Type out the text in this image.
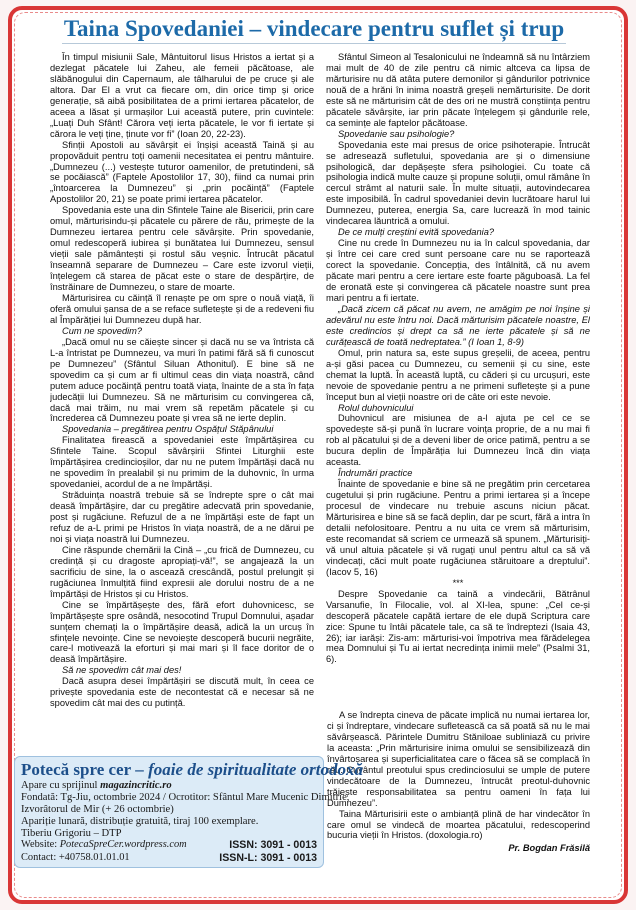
Taina Spovedaniei – vindecare pentru suflet și trup

În timpul misiunii Sale, Mântuitorul Iisus Hristos a iertat și a dezlegat păcatele lui Zaheu, ale femeii păcătoase, ale slăbănogului din Capernaum, ale tâlharului de pe cruce și ale altora. Dar El a vrut ca fiecare om, din orice timp și orice generație, să aibă posibilitatea de a primi iertarea păcatelor, de aceea a lăsat și urmașilor Lui această putere, prin cuvintele: „Luați Duh Sfânt! Cărora veți ierta păcatele, le vor fi iertate și cărora le veți ține, ținute vor fi” (Ioan 20, 22-23).

Sfinții Apostoli au săvârșit ei înșiși această Taină și au propovăduit pentru toți oamenii necesitatea ei pentru mântuire. „Dumnezeu (...) vestește tuturor oamenilor, de pretutindeni, să se pocăiască” (Faptele Apostolilor 17, 30), fiind ca numai prin „întoarcerea la Dumnezeu” și „prin pocăință” (Faptele Apostolilor 20, 21) se poate primi iertarea păcatelor.

Spovedania este una din Sfintele Taine ale Bisericii, prin care omul, mărturisindu-și păcatele cu părere de rău, primește de la Dumnezeu iertarea pentru cele săvârșite. Prin spovedanie, omul redescoperă iubirea și bunătatea lui Dumnezeu, sensul vieții sale pământești și rostul său veșnic. Întrucât păcatul înseamnă separare de Dumnezeu – Care este izvorul vieții, înțelegem că starea de păcat este o stare de despărțire, de înstrăinare de Dumnezeu, o stare de moarte.

Mărturisirea cu căință îl renaște pe om spre o nouă viață, îi oferă omului șansa de a se reface sufletește și de a redeveni fiu al Împărăției lui Dumnezeu după har.

Cum ne spovedim?

„Dacă omul nu se căiește sincer și dacă nu se va întrista că L-a întristat pe Dumnezeu, va muri în patimi fără să fi cunoscut pe Dumnezeu” (Sfântul Siluan Athonitul). E bine să ne spovedim ca și cum ar fi ultimul ceas din viața noastră, când putem aduce pocăință pentru toată viața, înainte de a sta în fața judecății lui Dumnezeu. Să ne mărturisim cu convingerea că, dacă mai trăim, nu mai vrem să repetăm păcatele și cu încrederea că Dumnezeu poate și vrea să ne ierte deplin.

Spovedania – pregătirea pentru Ospățul Stăpânului

Finalitatea firească a spovedaniei este împărtășirea cu Sfintele Taine. Scopul săvârșirii Sfintei Liturghii este împărtășirea credincioșilor, dar nu ne putem împărtăși dacă nu ne spovedim în prealabil și nu primim de la duhovnic, în urma spovedaniei, acordul de a ne împărtăși.

Străduința noastră trebuie să se îndrepte spre o cât mai deasă împărtășire, dar cu pregătire adecvată prin spovedanie, post și rugăciune. Refuzul de a ne împărtăși este de fapt un refuz de a-L primi pe Hristos în viața noastră, de a ne dărui pe noi și viața noastră lui Dumnezeu.

Cine răspunde chemării la Cină – „cu frică de Dumnezeu, cu credință și cu dragoste apropiați-vă!”, se angajează la un sacrificiu de sine, la o ascează crescândă, postul prelungit și rugăciunea înmulțită fiind expresii ale dorului nostru de a ne împărtăși de Hristos și cu Hristos.

Cine se împărtășește des, fără efort duhovnicesc, se împărtășește spre osândă, nesocotind Trupul Domnului, așadar sunțem chemați la o împărtășire deasă, adică la un urcuș în sfințele nevoințe. Cine se nevoiește descoperă bucurii negrăite, care-l motivează la eforturi și mai mari și îl face doritor de o deasă împărtășire.

Să ne spovedim cât mai des!

Dacă asupra desei împărtășiri se discută mult, în ceea ce privește spovedania este de necontestat că e necesar să ne spovedim cât mai des cu putință.

Sfântul Simeon al Tesalonicului ne îndeamnă să nu întârziem mai mult de 40 de zile pentru că nimic altceva ca lipsa de mărturisire nu dă atâta putere demonilor și gândurilor potrivnice nouă de a hrăni în inima noastră greșeli nemărturisite. De dorit este să ne mărturisim cât de des ori ne mustră conștiința pentru păcatele săvârșite, iar prin păcate înțelegem și gândurile rele, ca semințe ale faptelor păcătoase.

Spovedanie sau psihologie?

Spovedania este mai presus de orice psihoterapie. Întrucât se adresează sufletului, spovedania are și o dimensiune psihologică, dar depășește sfera psihologiei. Cu toate că psihologia indică multe cauze și propune soluții, omul rămâne în cercul strâmt al naturii sale. În multe situații, autovindecarea este imposibilă. În cadrul spovedaniei devin lucrătoare harul lui Dumnezeu, puterea, energia Sa, care lucrează în mod tainic vindecarea lăuntrică a omului.

De ce mulți creștini evită spovedania?

Cine nu crede în Dumnezeu nu ia în calcul spovedania, dar și între cei care cred sunt persoane care nu se raportează corect la spovedanie. Concepția, des întâlnită, că nu avem păcate mari pentru a cere iertare este foarte păguboasă. La fel de eronată este și convingerea că păcatele noastre sunt prea mari pentru a fi iertate.

„Dacă zicem că păcat nu avem, ne amăgim pe noi înșine și adevărul nu este întru noi. Dacă mărturisim păcatele noastre, El este credincios și drept ca să ne ierte păcatele și să ne curățească de toată nedreptatea.” (I Ioan 1, 8-9)

Omul, prin natura sa, este supus greșelii, de aceea, pentru a-și găsi pacea cu Dumnezeu, cu semenii și cu sine, este chemat la luptă. În această luptă, cu căderi și cu urcușuri, este nevoie de spovedanie pentru a ne primeni sufletește și a pune început bun al vieții noastre ori de câte ori este nevoie.

Rolul duhovnicului

Duhovnicul are misiunea de a-l ajuta pe cel ce se spovedește să-și pună în lucrare voința proprie, de a nu mai fi rob al păcatului și de a deveni liber de orice patimă, pentru a se bucura deplin de Împărăția lui Dumnezeu încă din viața aceasta.

Îndrumări practice

Înainte de spovedanie e bine să ne pregătim prin cercetarea cugetului și prin rugăciune. Pentru a primi iertarea și a începe procesul de vindecare nu trebuie ascuns niciun păcat. Mărturisirea e bine să se facă deplin, dar pe scurt, fără a intra în detalii nefolositoare. Pentru a nu uita ce vrem să mărturisim, este recomandat să scriem ce urmează să spunem. „Mărturisiți-vă unul altuia păcatele și vă rugați unul pentru altul ca să vă vindecați, căci mult poate rugăciunea stăruitoare a dreptului”. (Iacov 5, 16)

***

Despre Spovedanie ca taină a vindecării, Bătrânul Varsanufie, în Filocalie, vol. al XI-lea, spune: „Cel ce-și descoperă păcatele capătă iertare de ele după Scriptura care zice: Spune tu întâi păcatele tale, ca să te îndreptezi (Isaia 43, 26); iar iarăși: Zis-am: mărturisi-voi împotriva mea fărădelegea mea Domnului și Tu ai iertat necredința inimii mele” (Psalmi 31, 6).

A se îndrepta cineva de păcate implică nu numai iertarea lor, ci și îndreptare, vindecare sufletească ca să poată să nu le mai săvârșească. Părintele Dumitru Stăniloae subliniază cu privire la aceasta: „Prin mărturisire inima omului se sensibilizează din învârtoșarea și superficialitatea care o făcea să se complacă în rău. Cuvântul preotului spus credinciosului se umple de putere vindecătoare de la Dumnezeu, întrucât preotul-duhovnic trăiește responsabilitatea sa pentru oameni în fața lui Dumnezeu”.

Taina Mărturisirii este o ambianță plină de har vindecător în care omul se vindecă de moartea păcatului, redescoperind bucuria vieții în Hristos. (doxologia.ro)

Pr. Bogdan Frăsilă

Potecă spre cer – foaie de spiritualitate ortodoxă
Apare cu sprijinul magazincritic.ro
Fondată: Tg-Jiu, octombrie 2024 / Ocrotitor: Sfântul Mare Mucenic Dimitrie,
Izvorâtorul de Mir (+ 26 octombrie)
Apariție lunară, distribuție gratuită, tiraj 100 exemplare.
Tiberiu Grigoriu – DTP
Website: PotecaSpreCer.wordpress.com	ISSN: 3091 - 0013
Contact: +40758.01.01.01	ISSN-L: 3091 - 0013
